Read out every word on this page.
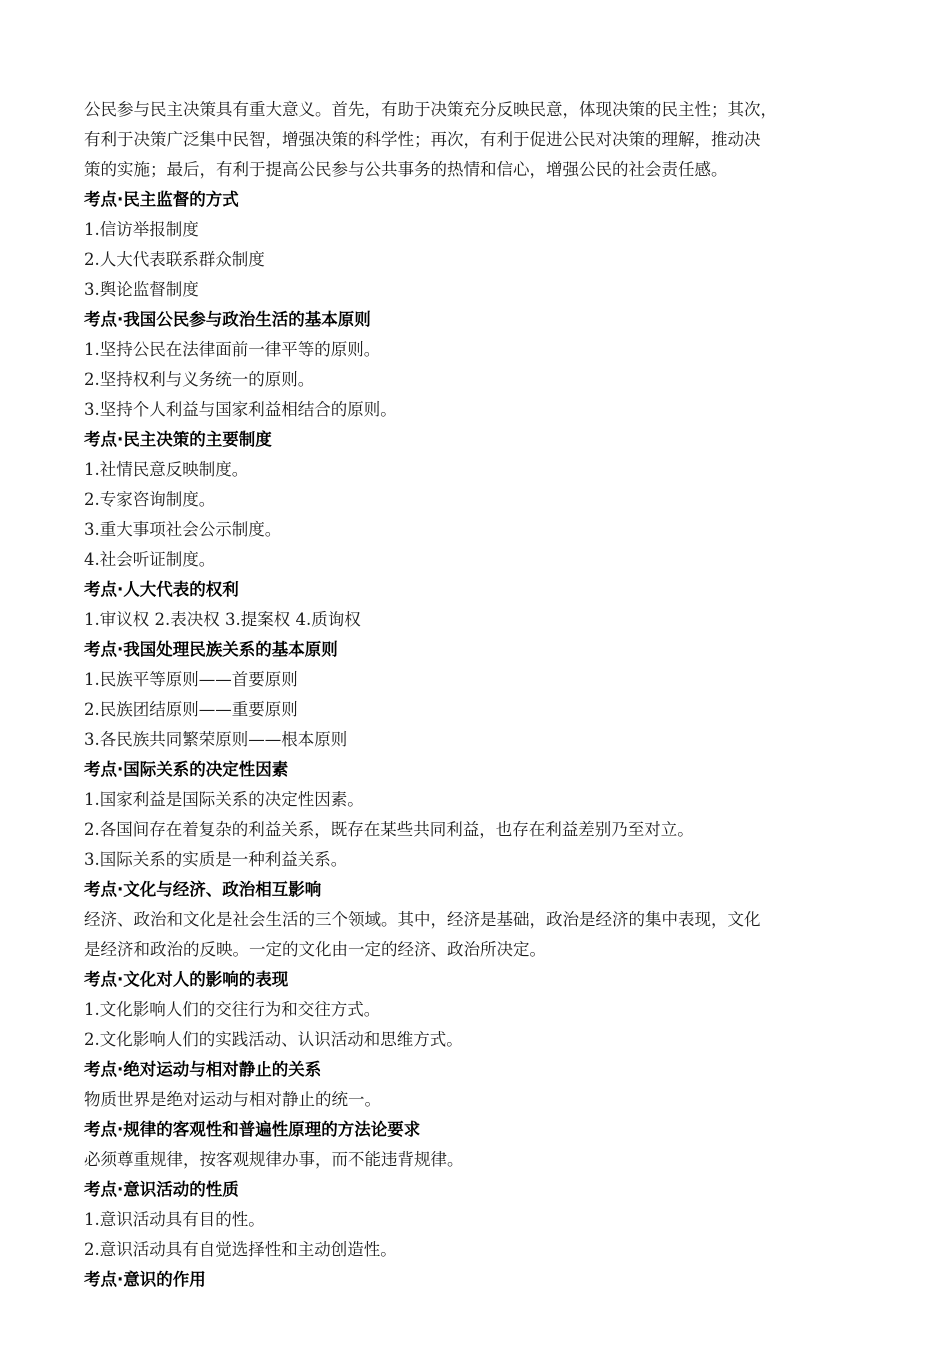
公民参与民主决策具有重大意义。首先，有助于决策充分反映民意，体现决策的民主性；其次，

有利于决策广泛集中民智，增强决策的科学性；再次，有利于促进公民对决策的理解，推动决

策的实施；最后，有利于提高公民参与公共事务的热情和信心，增强公民的社会责任感。

考点·民主监督的方式

1.信访举报制度

2.人大代表联系群众制度

3.舆论监督制度

考点·我国公民参与政治生活的基本原则

1.坚持公民在法律面前一律平等的原则。

2.坚持权利与义务统一的原则。

3.坚持个人利益与国家利益相结合的原则。

考点·民主决策的主要制度

1.社情民意反映制度。

2.专家咨询制度。

3.重大事项社会公示制度。

4.社会听证制度。

考点·人大代表的权利

1.审议权 2.表决权 3.提案权 4.质询权

考点·我国处理民族关系的基本原则

1.民族平等原则——首要原则

2.民族团结原则——重要原则

3.各民族共同繁荣原则——根本原则

考点·国际关系的决定性因素

1.国家利益是国际关系的决定性因素。

2.各国间存在着复杂的利益关系，既存在某些共同利益，也存在利益差别乃至对立。

3.国际关系的实质是一种利益关系。

考点·文化与经济、政治相互影响

经济、政治和文化是社会生活的三个领域。其中，经济是基础，政治是经济的集中表现，文化

是经济和政治的反映。一定的文化由一定的经济、政治所决定。

考点·文化对人的影响的表现

1.文化影响人们的交往行为和交往方式。

2.文化影响人们的实践活动、认识活动和思维方式。

考点·绝对运动与相对静止的关系

物质世界是绝对运动与相对静止的统一。

考点·规律的客观性和普遍性原理的方法论要求

必须尊重规律，按客观规律办事，而不能违背规律。

考点·意识活动的性质

1.意识活动具有目的性。

2.意识活动具有自觉选择性和主动创造性。

考点·意识的作用
